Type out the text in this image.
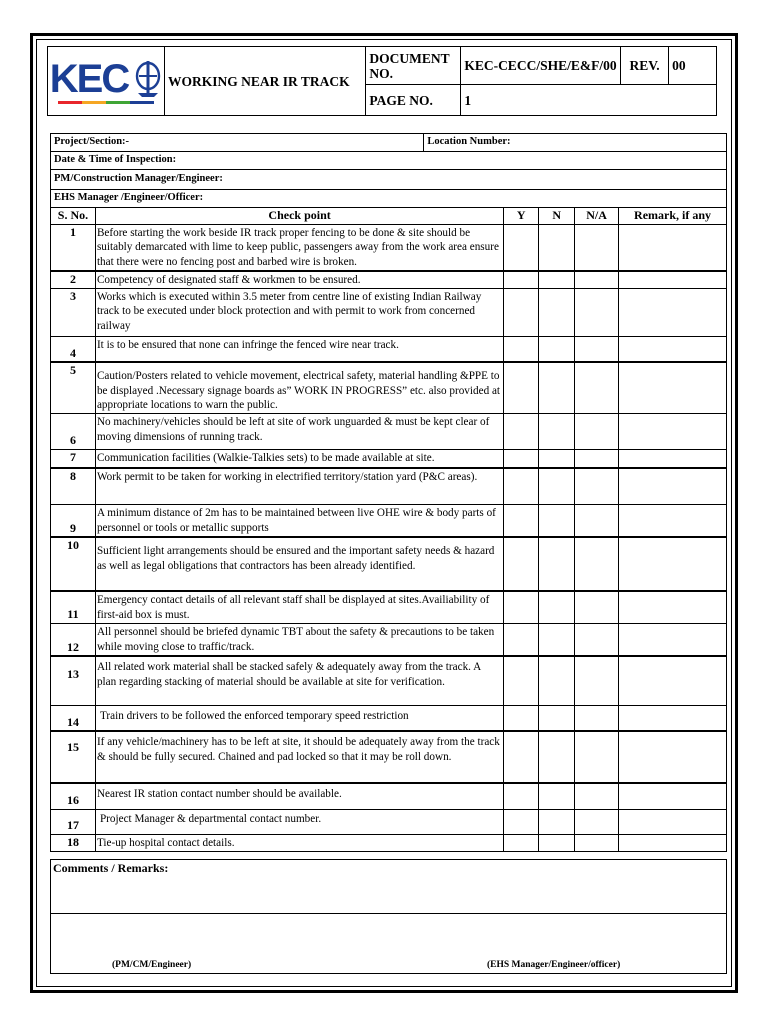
KEC	WORKING NEAR IR TRACK	DOCUMENT NO.	KEC-CECC/SHE/E&F/00	REV.	00
		PAGE NO.	1		
Project/Section:-		Location Number:				
Date & Time of Inspection:						
PM/Construction Manager/Engineer:						
EHS Manager /Engineer/Officer:						
S. No.	Check point		Y	N	N/A	Remark, if any
1	Before starting the work beside IR track proper fencing to be done & site should be suitably demarcated with lime to keep public, passengers away from the work area ensure that there were no fencing post and barbed wire is broken.					
2	Competency of designated staff & workmen to be ensured.					
3	Works which is executed within 3.5 meter from centre line of existing Indian Railway track to be executed under block protection and with permit to work from concerned railway					
4	It is to be ensured that none can infringe the fenced wire near track.					
5	Caution/Posters related to vehicle movement, electrical safety, material handling &PPE to be displayed .Necessary signage boards as” WORK IN PROGRESS” etc. also provided at appropriate locations to warn the public.					
6	No machinery/vehicles should be left at site of work unguarded & must be kept clear of moving dimensions of running track.					
7	Communication facilities (Walkie-Talkies sets) to be made available at site.					
8	Work permit to be taken for working in electrified territory/station yard (P&C areas).					
9	A minimum distance of 2m has to be maintained between live OHE wire & body parts of personnel or tools or metallic supports					
10	Sufficient light arrangements should be ensured and the important safety needs & hazard as well as legal obligations that contractors has been already identified.					
11	Emergency contact details of all relevant staff shall be displayed at sites.Availiability of first-aid box is must.					
12	All personnel should be briefed dynamic TBT about the safety & precautions to be taken while moving close to traffic/track.					
13	All related work material shall be stacked safely & adequately away from the track. A plan regarding stacking of material should be available at site for verification.					
14	Train drivers to be followed the enforced temporary speed restriction					
15	If any vehicle/machinery has to be left at site, it should be adequately away from the track & should be fully secured. Chained and pad locked so that it may be roll down.					
16	Nearest IR station contact number should be available.					
17	Project Manager & departmental contact number.					
18	Tie-up hospital contact details.					
Comments / Remarks:
(PM/CM/Engineer)	(EHS Manager/Engineer/officer)
